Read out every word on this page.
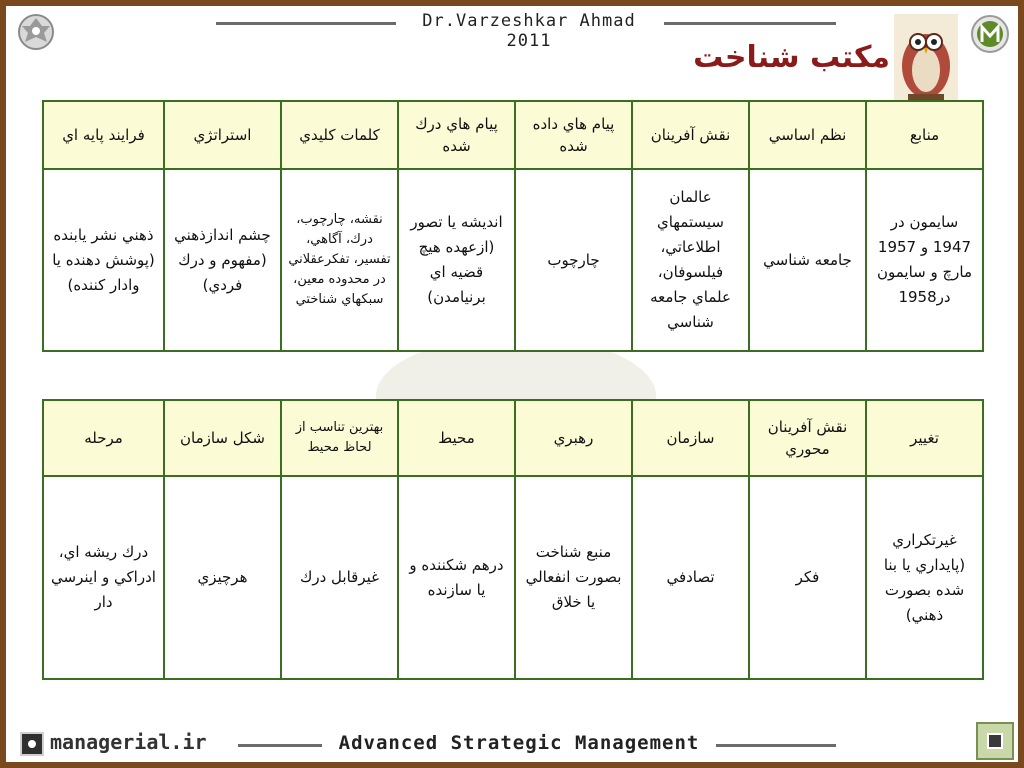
Dr.Varzeshkar Ahmad 2011	مکتب شناخت
منابع	نظم اساسي	نقش آفرينان	پيام هاي داده شده	پيام هاي درك شده	كلمات كليدي	استراتژي	فرايند پايه اي
سايمون در 1947 و 1957 مارچ و سايمون در1958	جامعه شناسي	عالمان سيستمهاي اطلاعاتي، فيلسوفان، علماي جامعه شناسي	چارچوب	انديشه يا تصور (ازعهده هيچ قضيه اي برنيامدن)	نقشه، چارچوب، درك، آگاهي، تفسير، تفكرعقلاني در محدوده معين، سبكهاي شناختي	چشم اندازذهني (مفهوم و درك فردي)	ذهني نشر يابنده (پوشش دهنده يا وادار كننده)
تغيير	نقش آفرينان محوري	سازمان	رهبري	محيط	بهترين تناسب از لحاظ محيط	شكل سازمان	مرحله
غيرتكراري (پايداري يا بنا شده بصورت ذهني)	فكر	تصادفي	منبع شناخت بصورت انفعالي يا خلاق	درهم شكننده و يا سازنده	غيرقابل درك	هرچيزي	درك ريشه اي، ادراكي و اينرسي دار
managerial.ir	Advanced Strategic Management
